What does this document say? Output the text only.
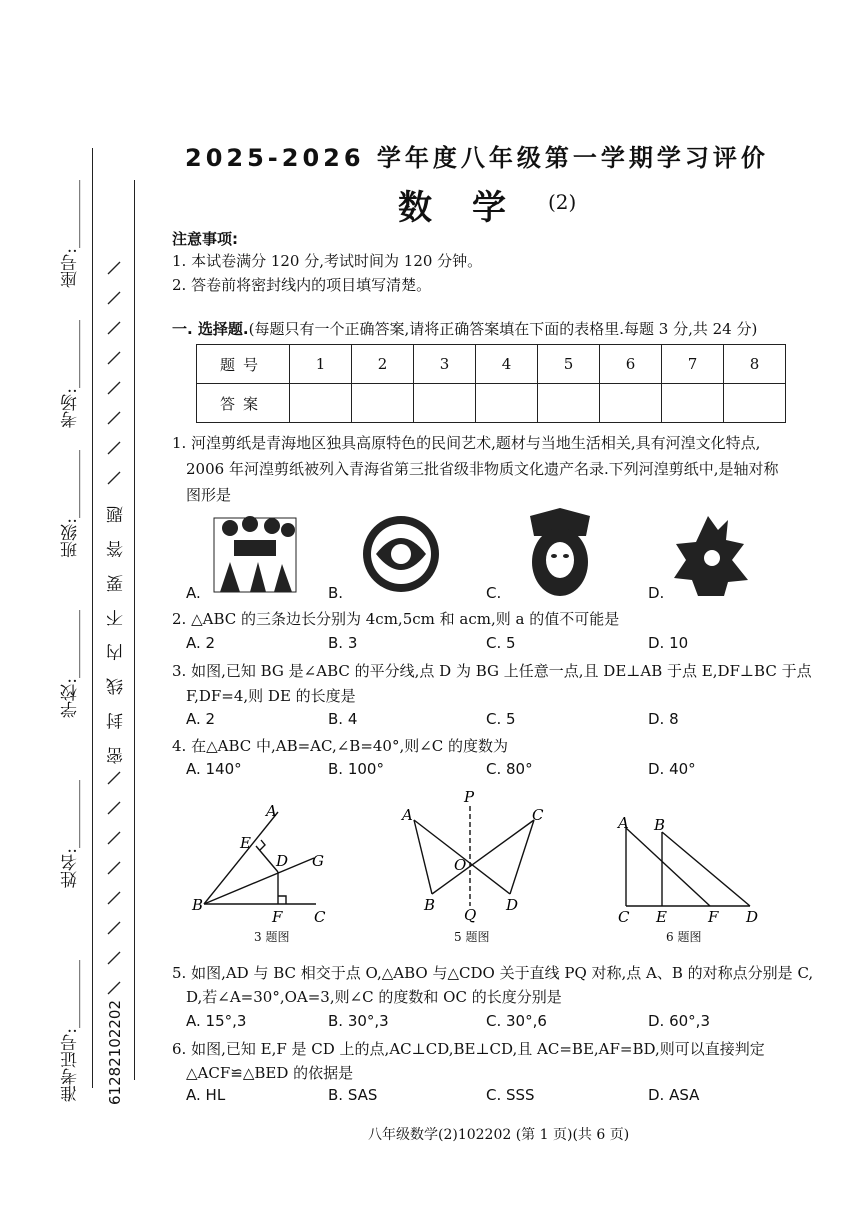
座号:________
考场:________
班级:________
学校:________
姓名:________
准考证号:________
密 封 线 内 不 要 答 题
61282102202
2025-2026 学年度八年级第一学期学习评价
数学 (2)
注意事项:
1. 本试卷满分 120 分,考试时间为 120 分钟。
2. 答卷前将密封线内的项目填写清楚。
一. 选择题.(每题只有一个正确答案,请将正确答案填在下面的表格里.每题 3 分,共 24 分)
题号	1	2	3	4	5	6	7	8
答案								
1. 河湟剪纸是青海地区独具高原特色的民间艺术,题材与当地生活相关,具有河湟文化特点,
2006 年河湟剪纸被列入青海省第三批省级非物质文化遗产名录.下列河湟剪纸中,是轴对称
图形是
A.	B.	C.	D.
2. △ABC 的三条边长分别为 4cm,5cm 和 acm,则 a 的值不可能是
A. 2	B. 3	C. 5	D. 10
3. 如图,已知 BG 是∠ABC 的平分线,点 D 为 BG 上任意一点,且 DE⊥AB 于点 E,DF⊥BC 于点
F,DF=4,则 DE 的长度是
A. 2	B. 4	C. 5	D. 8
4. 在△ABC 中,AB=AC,∠B=40°,则∠C 的度数为
A. 140°	B. 100°	C. 80°	D. 40°
A
E
D G
B
F C
3 题图
P
A	C
O
B
Q
D
5 题图
A B
C E	F D
6 题图
5. 如图,AD 与 BC 相交于点 O,△ABO 与△CDO 关于直线 PQ 对称,点 A、B 的对称点分别是 C,
D,若∠A=30°,OA=3,则∠C 的度数和 OC 的长度分别是
A. 15°,3	B. 30°,3	C. 30°,6	D. 60°,3
6. 如图,已知 E,F 是 CD 上的点,AC⊥CD,BE⊥CD,且 AC=BE,AF=BD,则可以直接判定
△ACF≌△BED 的依据是
A. HL	B. SAS	C. SSS	D. ASA
八年级数学(2)102202 (第 1 页)(共 6 页)
